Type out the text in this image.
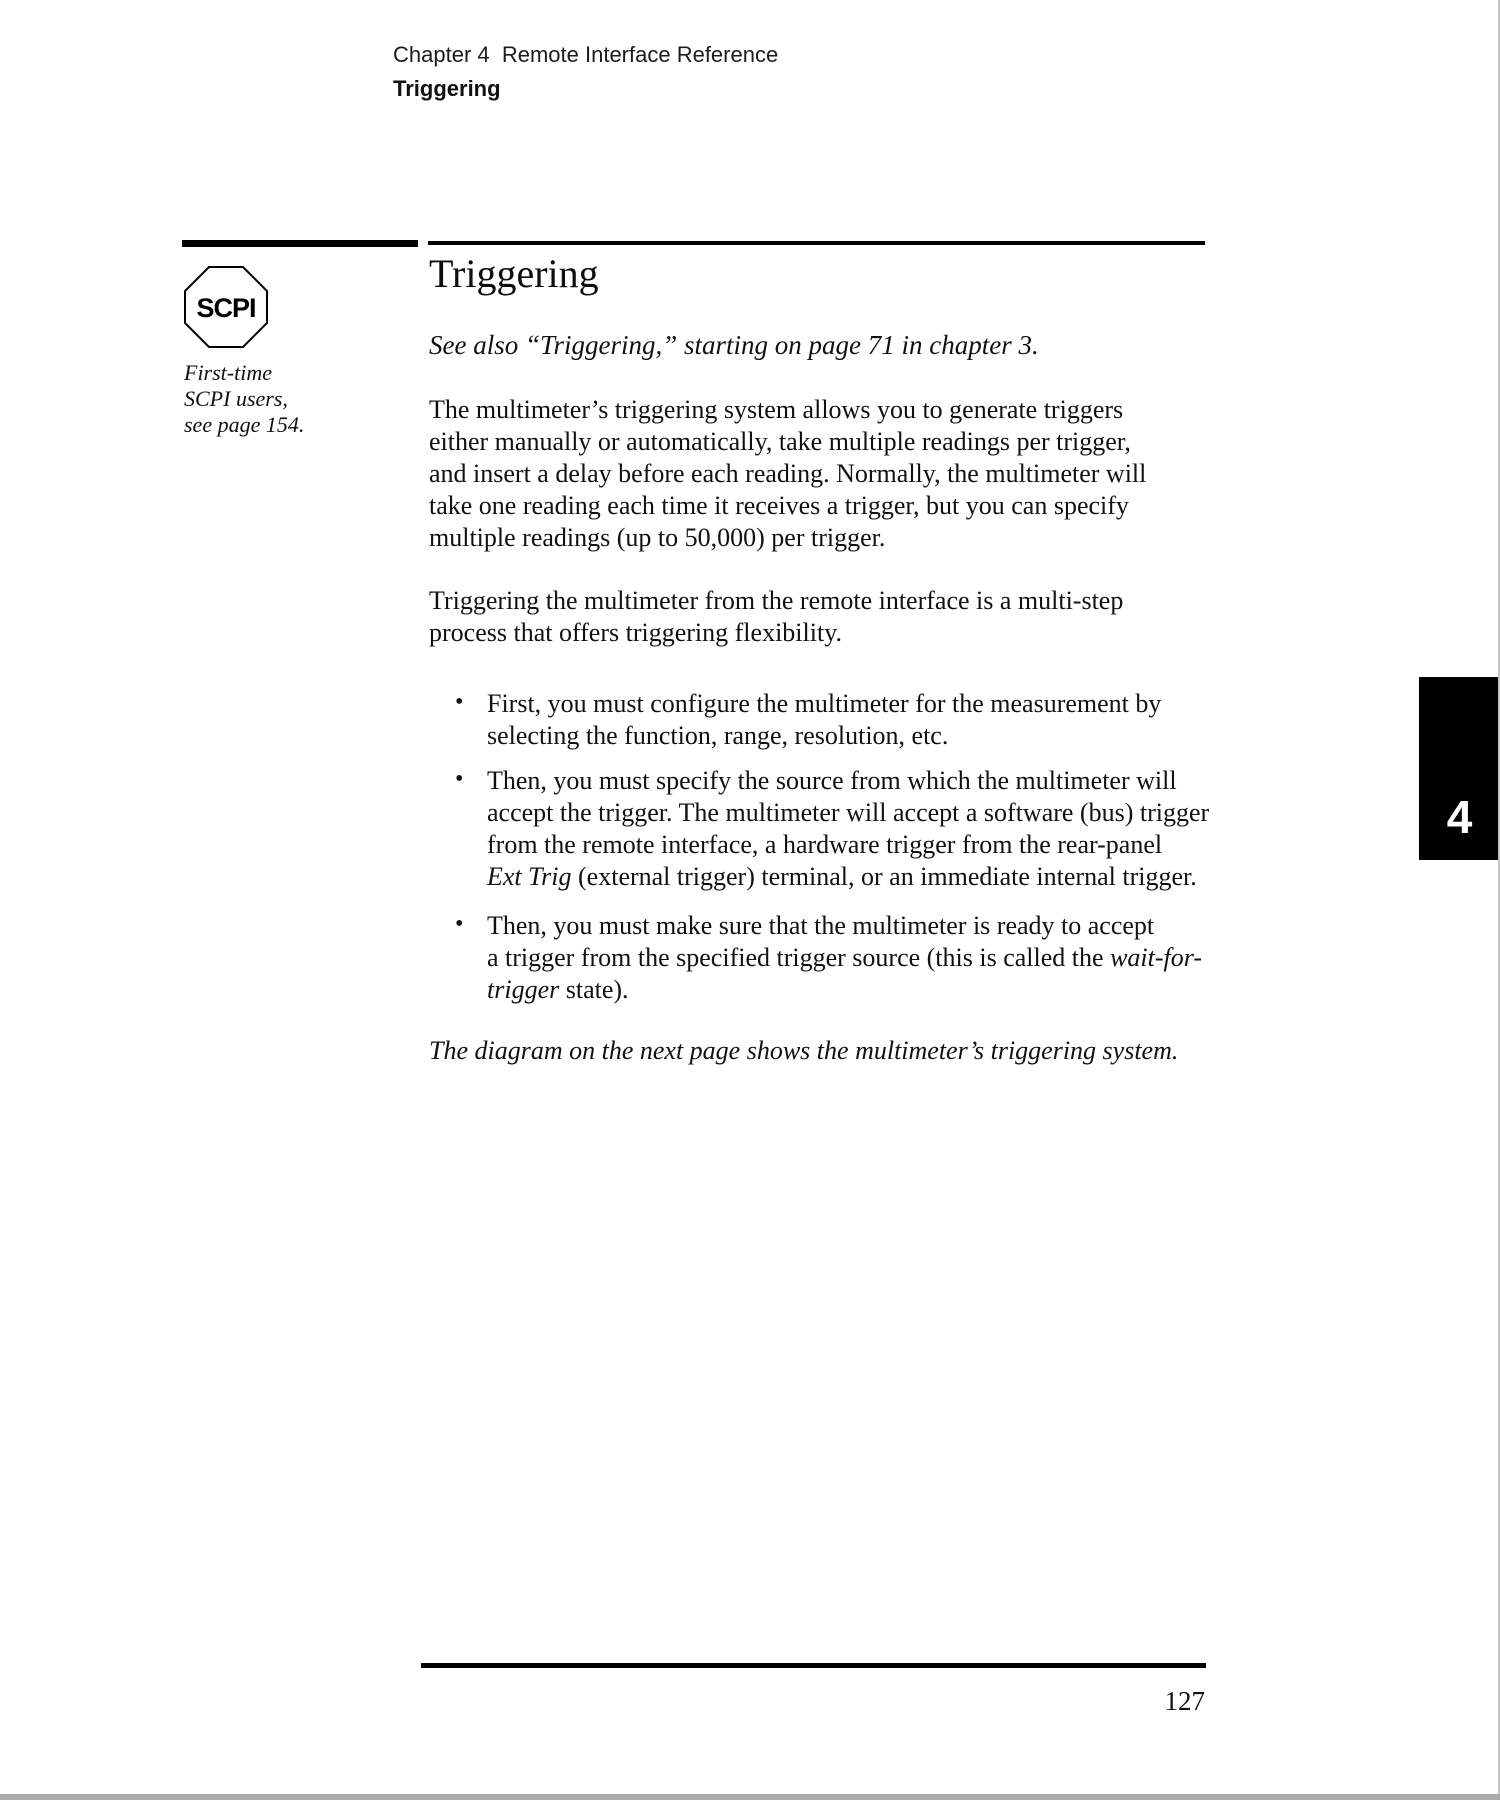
Chapter 4  Remote Interface Reference
Triggering
SCPI
First-time
SCPI users,
see page 154.
Triggering
See also “Triggering,” starting on page 71 in chapter 3.
The multimeter’s triggering system allows you to generate triggers
either manually or automatically, take multiple readings per trigger,
and insert a delay before each reading. Normally, the multimeter will
take one reading each time it receives a trigger, but you can specify
multiple readings (up to 50,000) per trigger.
Triggering the multimeter from the remote interface is a multi-step
process that offers triggering flexibility.
• First, you must configure the multimeter for the measurement by
selecting the function, range, resolution, etc.
• Then, you must specify the source from which the multimeter will
accept the trigger. The multimeter will accept a software (bus) trigger
from the remote interface, a hardware trigger from the rear-panel
Ext Trig (external trigger) terminal, or an immediate internal trigger.
• Then, you must make sure that the multimeter is ready to accept
a trigger from the specified trigger source (this is called the wait-for-
trigger state).
The diagram on the next page shows the multimeter’s triggering system.
4
127
